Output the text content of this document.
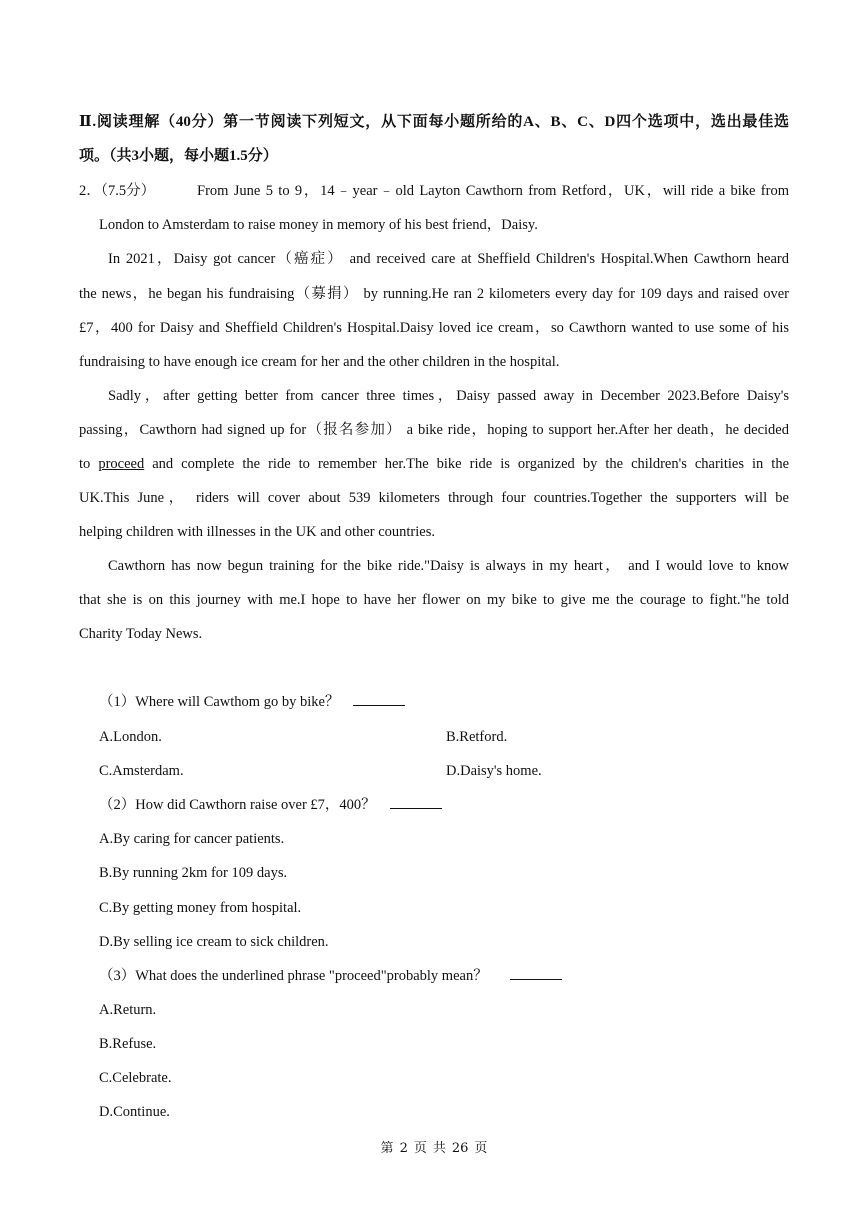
Ⅱ.阅读理解（40分）第一节阅读下列短文，从下面每小题所给的A、B、C、D四个选项中，选出最佳选
项。（共3小题，每小题1.5分）
2．（7.5分）	From June 5 to 9，14﹣year﹣old Layton Cawthorn from Retford，UK，will ride a bike from
London to Amsterdam to raise money in memory of his best friend，Daisy.
In 2021，Daisy got cancer（癌症） and received care at Sheffield Children's Hospital.When Cawthorn heard
the news，he began his fundraising（募捐） by running.He ran 2 kilometers every day for 109 days and raised over
£7，400 for Daisy and Sheffield Children's Hospital.Daisy loved ice cream，so Cawthorn wanted to use some of his
fundraising to have enough ice cream for her and the other children in the hospital.
Sadly，after getting better from cancer three times，Daisy passed away in December 2023.Before Daisy's
passing，Cawthorn had signed up for（报名参加） a bike ride，hoping to support her.After her death，he decided
to proceed and complete the ride to remember her.The bike ride is organized by the children's charities in the
UK.This June， riders will cover about 539 kilometers through four countries.Together the supporters will be
helping children with illnesses in the UK and other countries.
Cawthorn has now begun training for the bike ride."Daisy is always in my heart， and I would love to know
that she is on this journey with me.I hope to have her flower on my bike to give me the courage to fight."he told
Charity Today News.
（1）Where will Cawthom go by bike？
A.London.	B.Retford.
C.Amsterdam.	D.Daisy's home.
（2）How did Cawthorn raise over £7，400？
A.By caring for cancer patients.
B.By running 2km for 109 days.
C.By getting money from hospital.
D.By selling ice cream to sick children.
（3）What does the underlined phrase "proceed"probably mean？
A.Return.
B.Refuse.
C.Celebrate.
D.Continue.
第 2 页 共 26 页
